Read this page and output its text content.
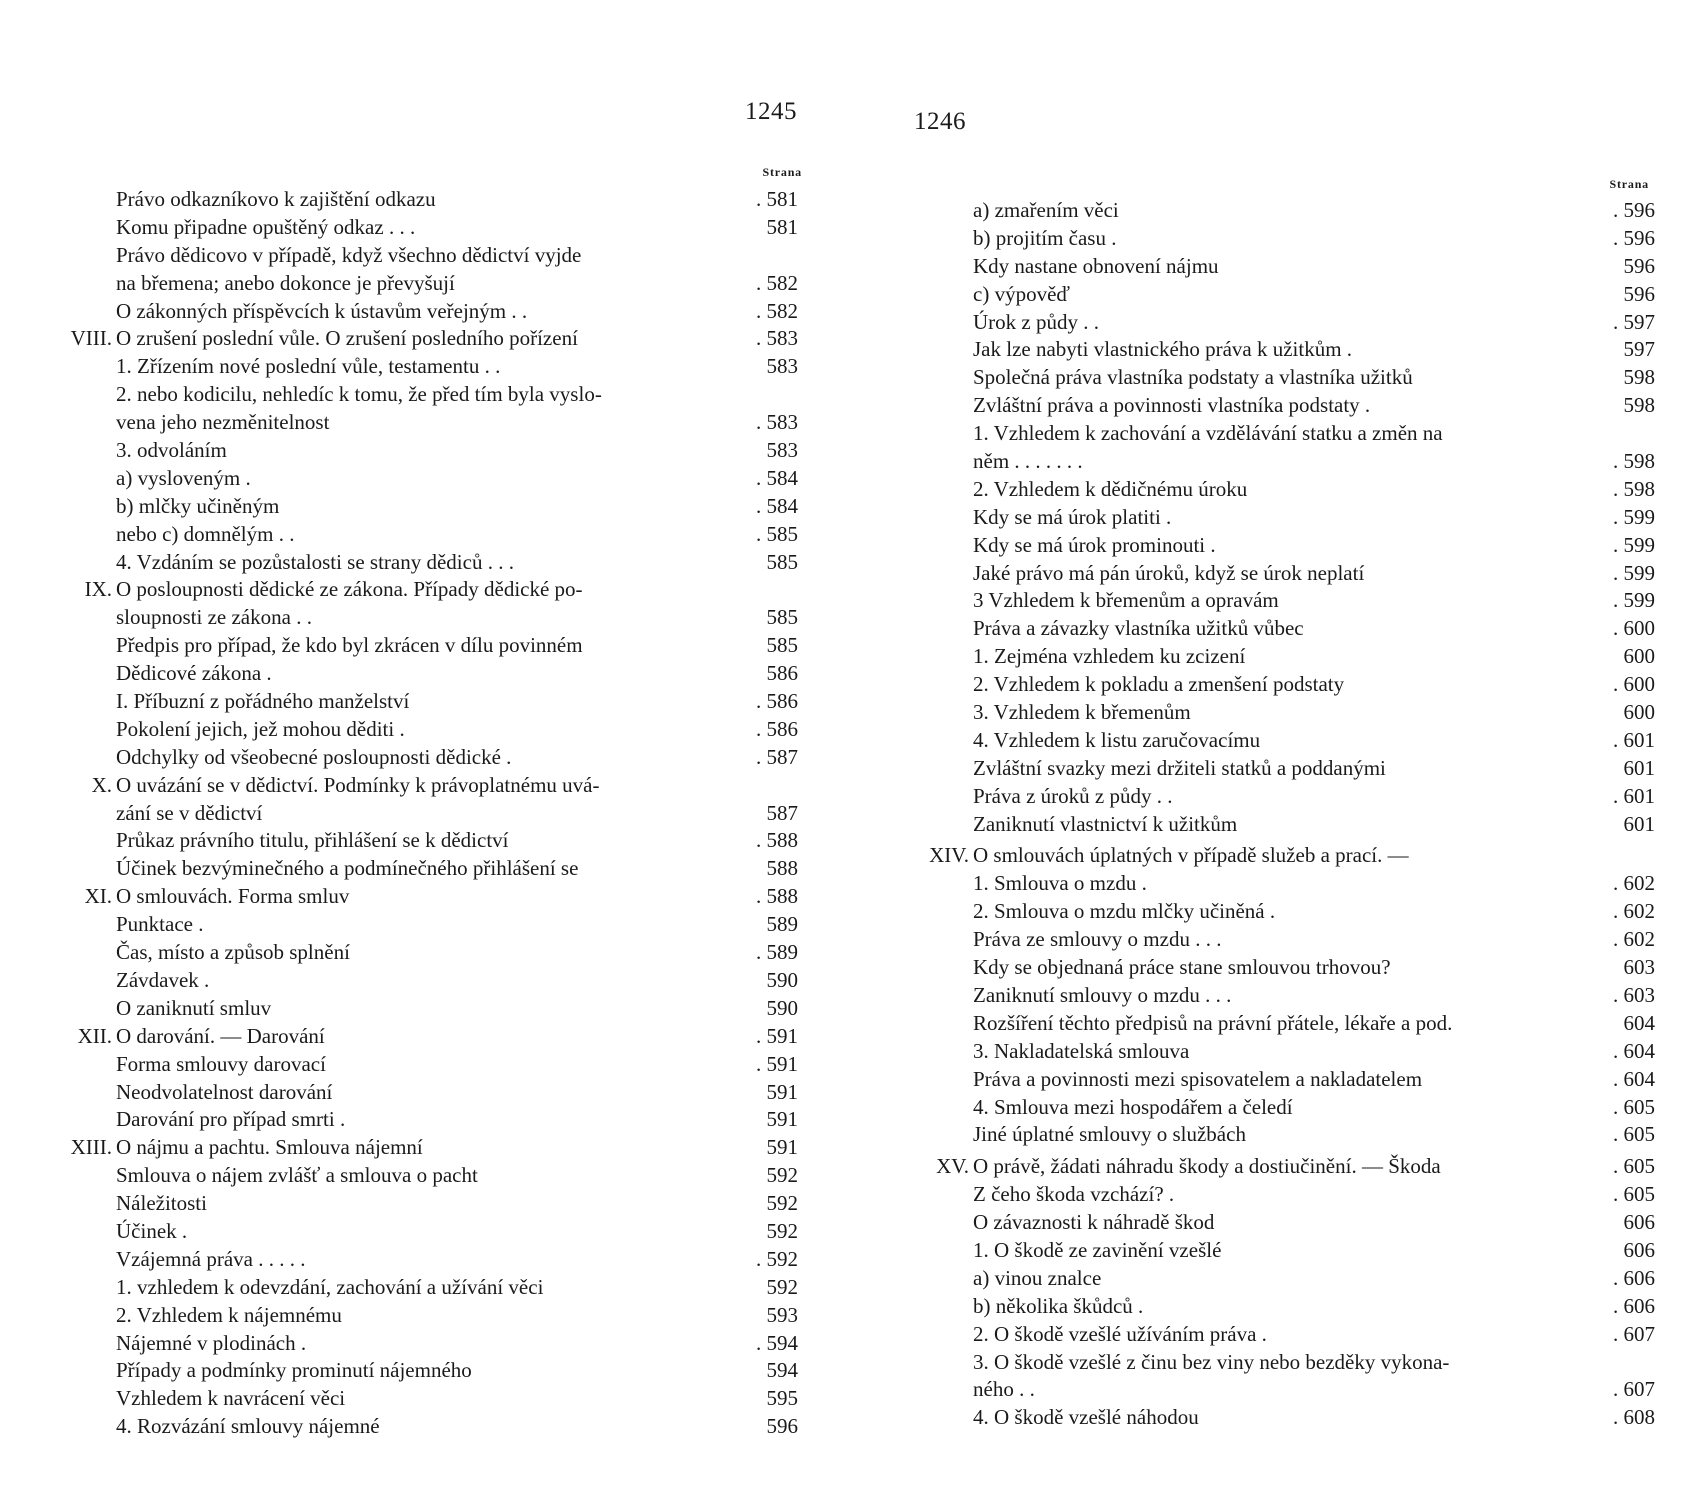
1245
Strana
Právo odkazníkovo k zajištění odkazu	. 581
Komu připadne opuštěný odkaz . . .	581
Právo dědicovo v případě, když všechno dědictví vyjde
na břemena; anebo dokonce je převyšují	. 582
O zákonných příspěvcích k ústavům veřejným . .	. 582
VIII. O zrušení poslední vůle. O zrušení posledního pořízení	. 583
1. Zřízením nové poslední vůle, testamentu . .	583
2. nebo kodicilu, nehledíc k tomu, že před tím byla vyslo-
vena jeho nezměnitelnost	. 583
3. odvoláním	583
a) vysloveným .	. 584
b) mlčky učiněným	. 584
nebo c) domnělým . .	. 585
4. Vzdáním se pozůstalosti se strany dědiců . . .	585
IX. O posloupnosti dědické ze zákona. Případy dědické po-
sloupnosti ze zákona . .	585
Předpis pro případ, že kdo byl zkrácen v dílu povinném	585
Dědicové zákona .	586
I. Příbuzní z pořádného manželství	. 586
Pokolení jejich, jež mohou děditi .	. 586
Odchylky od všeobecné posloupnosti dědické .	. 587
X. O uvázání se v dědictví. Podmínky k právoplatnému uvá-
zání se v dědictví	587
Průkaz právního titulu, přihlášení se k dědictví	. 588
Účinek bezvýminečného a podmínečného přihlášení se	588
XI. O smlouvách. Forma smluv	. 588
Punktace .	589
Čas, místo a způsob splnění	. 589
Závdavek .	590
O zaniknutí smluv	590
XII. O darování. — Darování	. 591
Forma smlouvy darovací	. 591
Neodvolatelnost darování	591
Darování pro případ smrti .	591
XIII. O nájmu a pachtu. Smlouva nájemní	591
Smlouva o nájem zvlášť a smlouva o pacht	592
Náležitosti	592
Účinek .	592
Vzájemná práva . . . . .	. 592
1. vzhledem k odevzdání, zachování a užívání věci	592
2. Vzhledem k nájemnému	593
Nájemné v plodinách .	. 594
Případy a podmínky prominutí nájemného	594
Vzhledem k navrácení věci	595
4. Rozvázání smlouvy nájemné	596
1246
Strana
a) zmařením věci	. 596
b) projitím času .	. 596
Kdy nastane obnovení nájmu	596
c) výpověď	596
Úrok z půdy . .	. 597
Jak lze nabyti vlastnického práva k užitkům .	597
Společná práva vlastníka podstaty a vlastníka užitků	598
Zvláštní práva a povinnosti vlastníka podstaty .	598
1. Vzhledem k zachování a vzdělávání statku a změn na
něm . . . . . . .	. 598
2. Vzhledem k dědičnému úroku	. 598
Kdy se má úrok platiti .	. 599
Kdy se má úrok prominouti .	. 599
Jaké právo má pán úroků, když se úrok neplatí	. 599
3 Vzhledem k břemenům a opravám	. 599
Práva a závazky vlastníka užitků vůbec	. 600
1. Zejména vzhledem ku zcizení	600
2. Vzhledem k pokladu a zmenšení podstaty	. 600
3. Vzhledem k břemenům	600
4. Vzhledem k listu zaručovacímu	. 601
Zvláštní svazky mezi držiteli statků a poddanými	601
Práva z úroků z půdy . .	. 601
Zaniknutí vlastnictví k užitkům	601
XIV. O smlouvách úplatných v případě služeb a prací. —
1. Smlouva o mzdu .	. 602
2. Smlouva o mzdu mlčky učiněná .	. 602
Práva ze smlouvy o mzdu . . .	. 602
Kdy se objednaná práce stane smlouvou trhovou?	603
Zaniknutí smlouvy o mzdu . . .	. 603
Rozšíření těchto předpisů na právní přátele, lékaře a pod.	604
3. Nakladatelská smlouva	. 604
Práva a povinnosti mezi spisovatelem a nakladatelem	. 604
4. Smlouva mezi hospodářem a čeledí	. 605
Jiné úplatné smlouvy o službách	. 605
XV. O právě, žádati náhradu škody a dostiučinění. — Škoda	. 605
Z čeho škoda vzchází? .	. 605
O závaznosti k náhradě škod	606
1. O škodě ze zavinění vzešlé	606
a) vinou znalce	. 606
b) několika škůdců .	. 606
2. O škodě vzešlé užíváním práva .	. 607
3. O škodě vzešlé z činu bez viny nebo bezděky vykona-
ného . .	. 607
4. O škodě vzešlé náhodou	. 608
